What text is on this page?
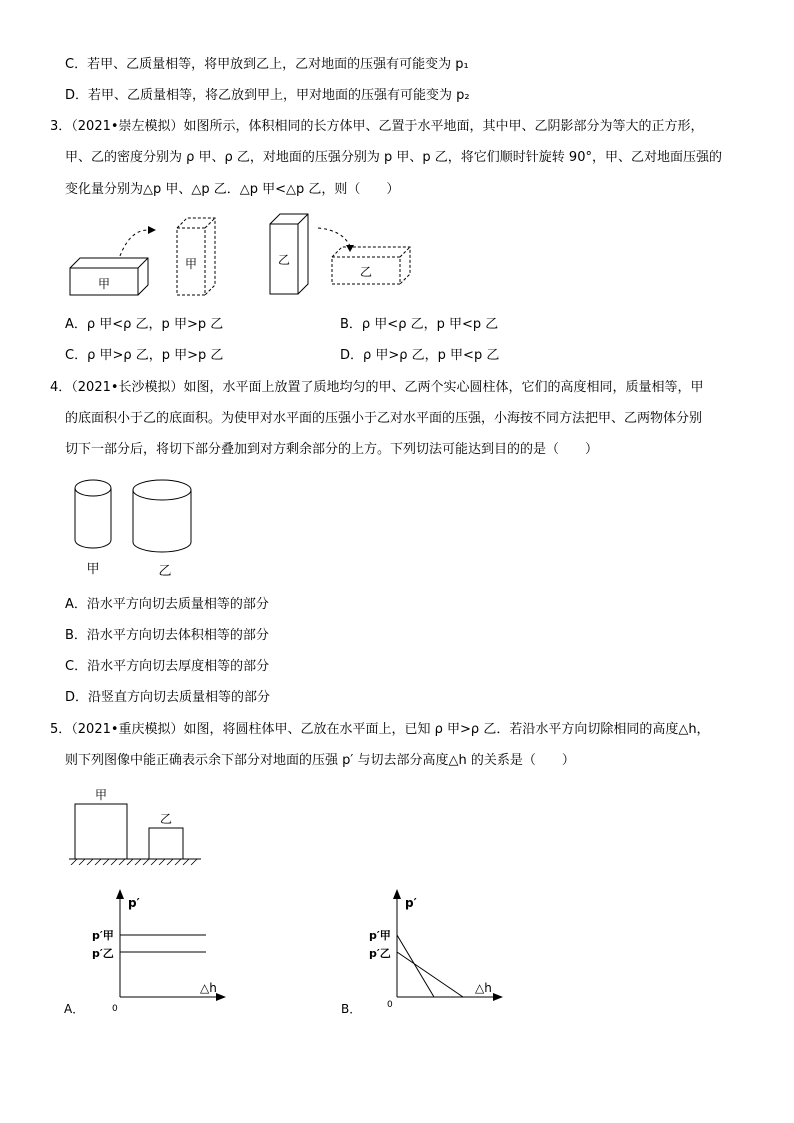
C．若甲、乙质量相等，将甲放到乙上，乙对地面的压强有可能变为 p₁
D．若甲、乙质量相等，将乙放到甲上，甲对地面的压强有可能变为 p₂
3．（2021•崇左模拟）如图所示，体积相同的长方体甲、乙置于水平地面，其中甲、乙阴影部分为等大的正方形，
甲、乙的密度分别为 ρ 甲、ρ 乙，对地面的压强分别为 p 甲、p 乙，将它们顺时针旋转 90°，甲、乙对地面压强的
变化量分别为△p 甲、△p 乙．△p 甲<△p 乙，则（　　）
甲
甲	乙
乙
A．ρ 甲<ρ 乙，p 甲>p 乙	B．ρ 甲<ρ 乙，p 甲<p 乙
C．ρ 甲>ρ 乙，p 甲>p 乙	D．ρ 甲>ρ 乙，p 甲<p 乙
4．（2021•长沙模拟）如图，水平面上放置了质地均匀的甲、乙两个实心圆柱体，它们的高度相同，质量相等，甲
的底面积小于乙的底面积。为使甲对水平面的压强小于乙对水平面的压强，小海按不同方法把甲、乙两物体分别
切下一部分后，将切下部分叠加到对方剩余部分的上方。下列切法可能达到目的的是（　　）
甲	乙
A．沿水平方向切去质量相等的部分
B．沿水平方向切去体积相等的部分
C．沿水平方向切去厚度相等的部分
D．沿竖直方向切去质量相等的部分
5．（2021•重庆模拟）如图，将圆柱体甲、乙放在水平面上，已知 ρ 甲>ρ 乙．若沿水平方向切除相同的高度△h，
则下列图像中能正确表示余下部分对地面的压强 p′ 与切去部分高度△h 的关系是（　　）
甲
乙
p′
△h
0
p′甲
p′乙
A．
p′
△h
0
p′甲
p′乙
B．
